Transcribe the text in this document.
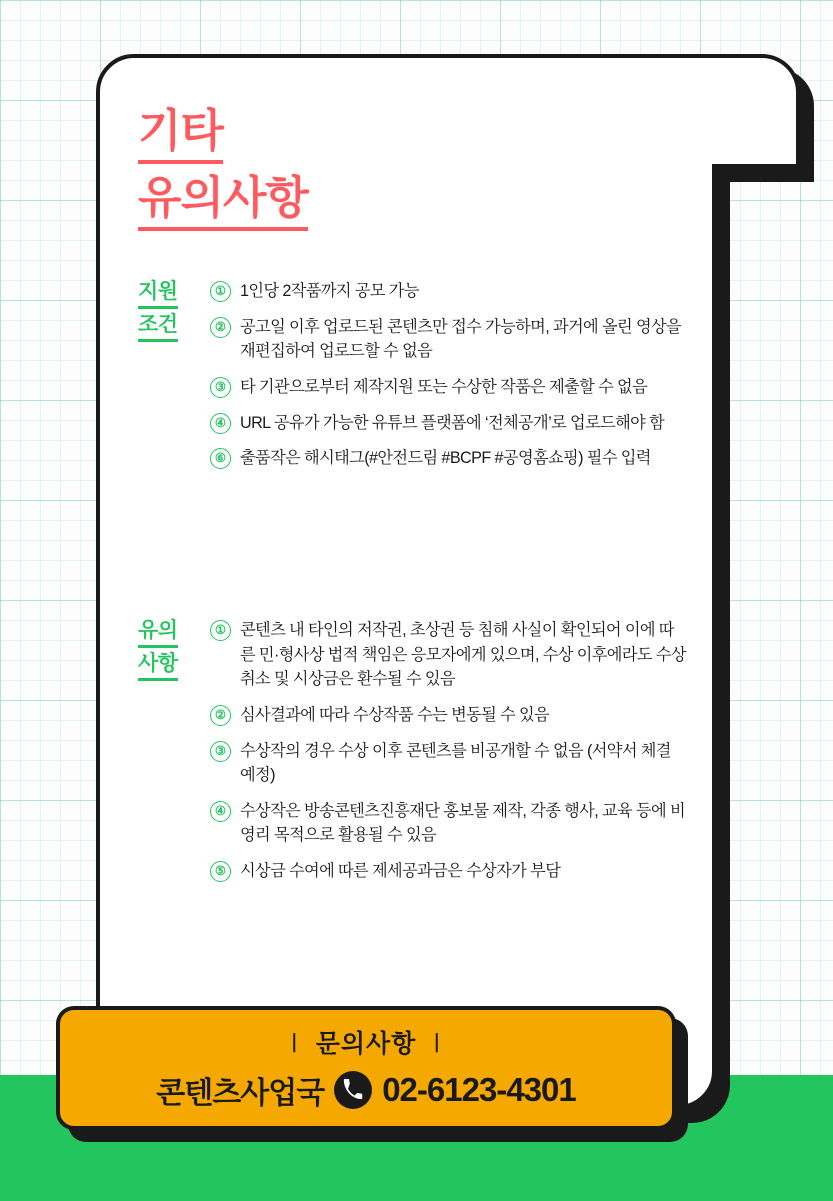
기타
유의사항
지원
조건
① 1인당 2작품까지 공모 가능
② 공고일 이후 업로드된 콘텐츠만 접수 가능하며, 과거에 올린 영상을 재편집하여 업로드할 수 없음
③ 타 기관으로부터 제작지원 또는 수상한 작품은 제출할 수 없음
④ URL 공유가 가능한 유튜브 플랫폼에 ‘전체공개’로 업로드해야 함
⑥ 출품작은 해시태그(#안전드림 #BCPF #공영홈쇼핑) 필수 입력
유의
사항
① 콘텐츠 내 타인의 저작권, 초상권 등 침해 사실이 확인되어 이에 따른 민·형사상 법적 책임은 응모자에게 있으며, 수상 이후에라도 수상 취소 및 시상금은 환수될 수 있음
② 심사결과에 따라 수상작품 수는 변동될 수 있음
③ 수상작의 경우 수상 이후 콘텐츠를 비공개할 수 없음 (서약서 체결 예정)
④ 수상작은 방송콘텐츠진흥재단 홍보물 제작, 각종 행사, 교육 등에 비영리 목적으로 활용될 수 있음
⑤ 시상금 수여에 따른 제세공과금은 수상자가 부담
∣ 문의사항 ∣
콘텐츠사업국 02-6123-4301
